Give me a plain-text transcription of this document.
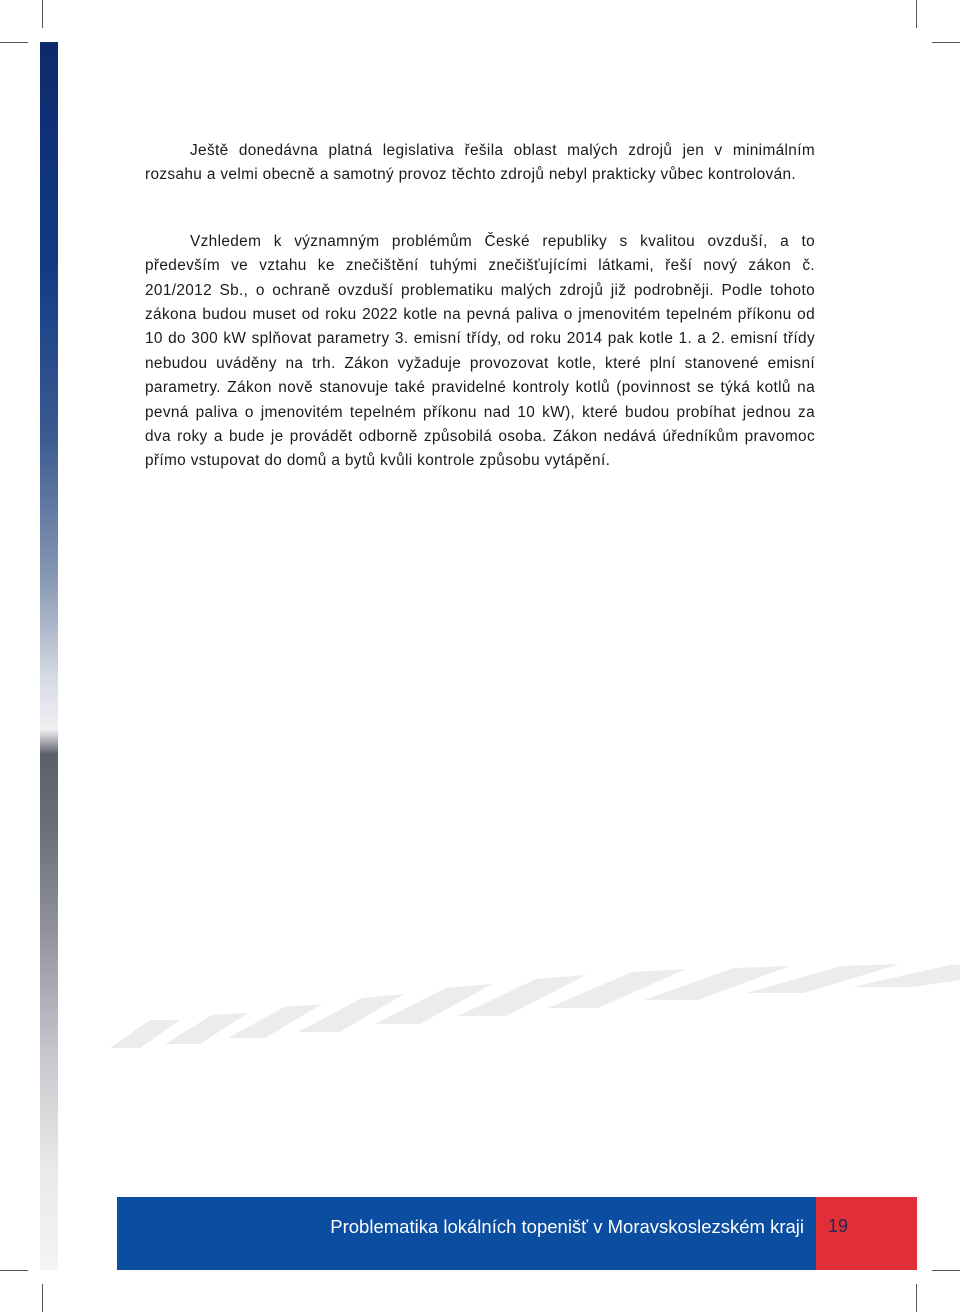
Ještě donedávna platná legislativa řešila oblast malých zdrojů jen v minimálním rozsahu a velmi obecně a samotný provoz těchto zdrojů nebyl prakticky vůbec kontrolován.

Vzhledem k významným problémům České republiky s kvalitou ovzduší, a to především ve vztahu ke znečištění tuhými znečišťujícími látkami, řeší nový zákon č. 201/2012 Sb., o ochraně ovzduší problematiku malých zdrojů již podrobněji. Podle tohoto zákona budou muset od roku 2022 kotle na pevná paliva o jmenovitém tepelném příkonu od 10 do 300 kW splňovat parametry 3. emisní třídy, od roku 2014 pak kotle 1. a 2. emisní třídy nebudou uváděny na trh. Zákon vyžaduje provozovat kotle, které plní stanovené emisní parametry. Zákon nově stanovuje také pravidelné kontroly kotlů (povinnost se týká kotlů na pevná paliva o jmenovitém tepelném příkonu nad 10 kW), které budou probíhat jednou za dva roky a bude je provádět odborně způsobilá osoba. Zákon nedává úředníkům pravomoc přímo vstupovat do domů a bytů kvůli kontrole způsobu vytápění.

Problematika lokálních topenišť v Moravskoslezském kraji 19
